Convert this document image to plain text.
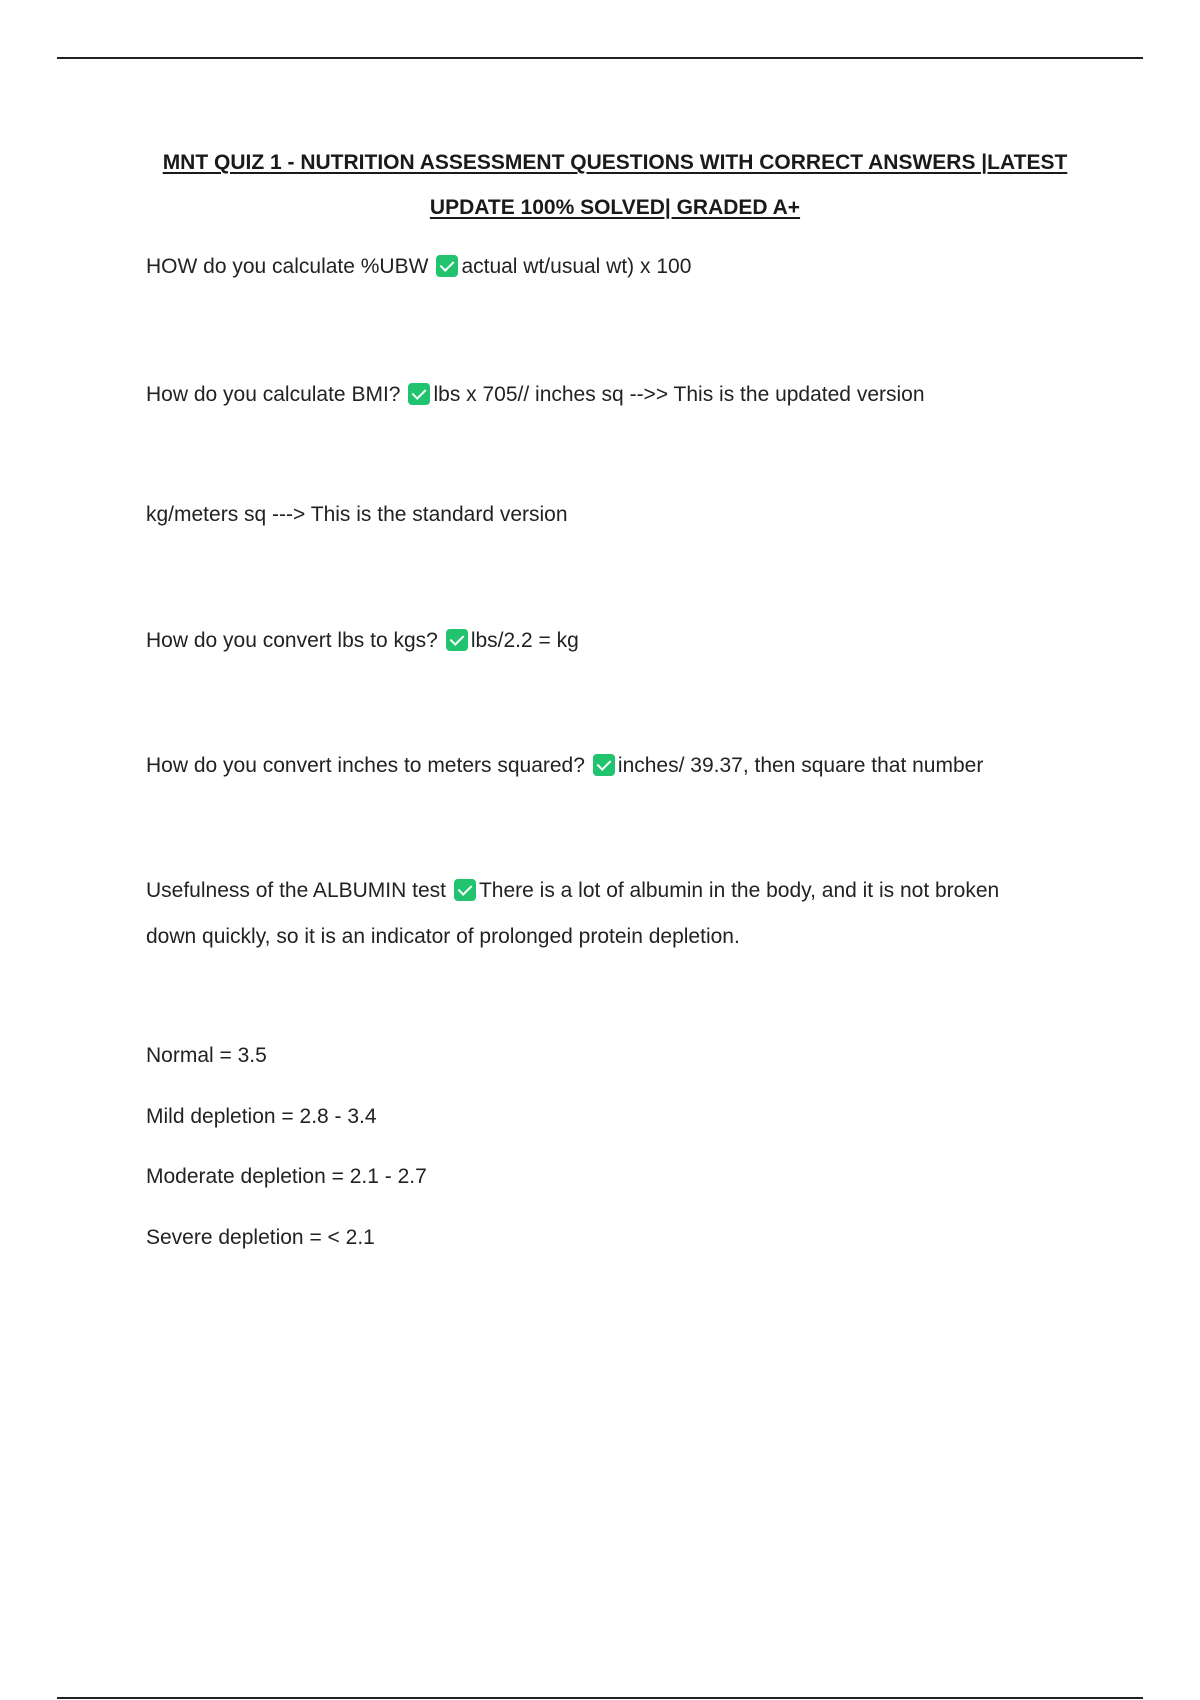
MNT QUIZ 1 - NUTRITION ASSESSMENT QUESTIONS WITH CORRECT ANSWERS |LATEST
UPDATE 100% SOLVED| GRADED A+
HOW do you calculate %UBW actual wt/usual wt) x 100
How do you calculate BMI? lbs x 705// inches sq -->> This is the updated version
kg/meters sq ---> This is the standard version
How do you convert lbs to kgs? lbs/2.2 = kg
How do you convert inches to meters squared? inches/ 39.37, then square that number
Usefulness of the ALBUMIN test There is a lot of albumin in the body, and it is not broken
down quickly, so it is an indicator of prolonged protein depletion.
Normal = 3.5
Mild depletion = 2.8 - 3.4
Moderate depletion = 2.1 - 2.7
Severe depletion = < 2.1
